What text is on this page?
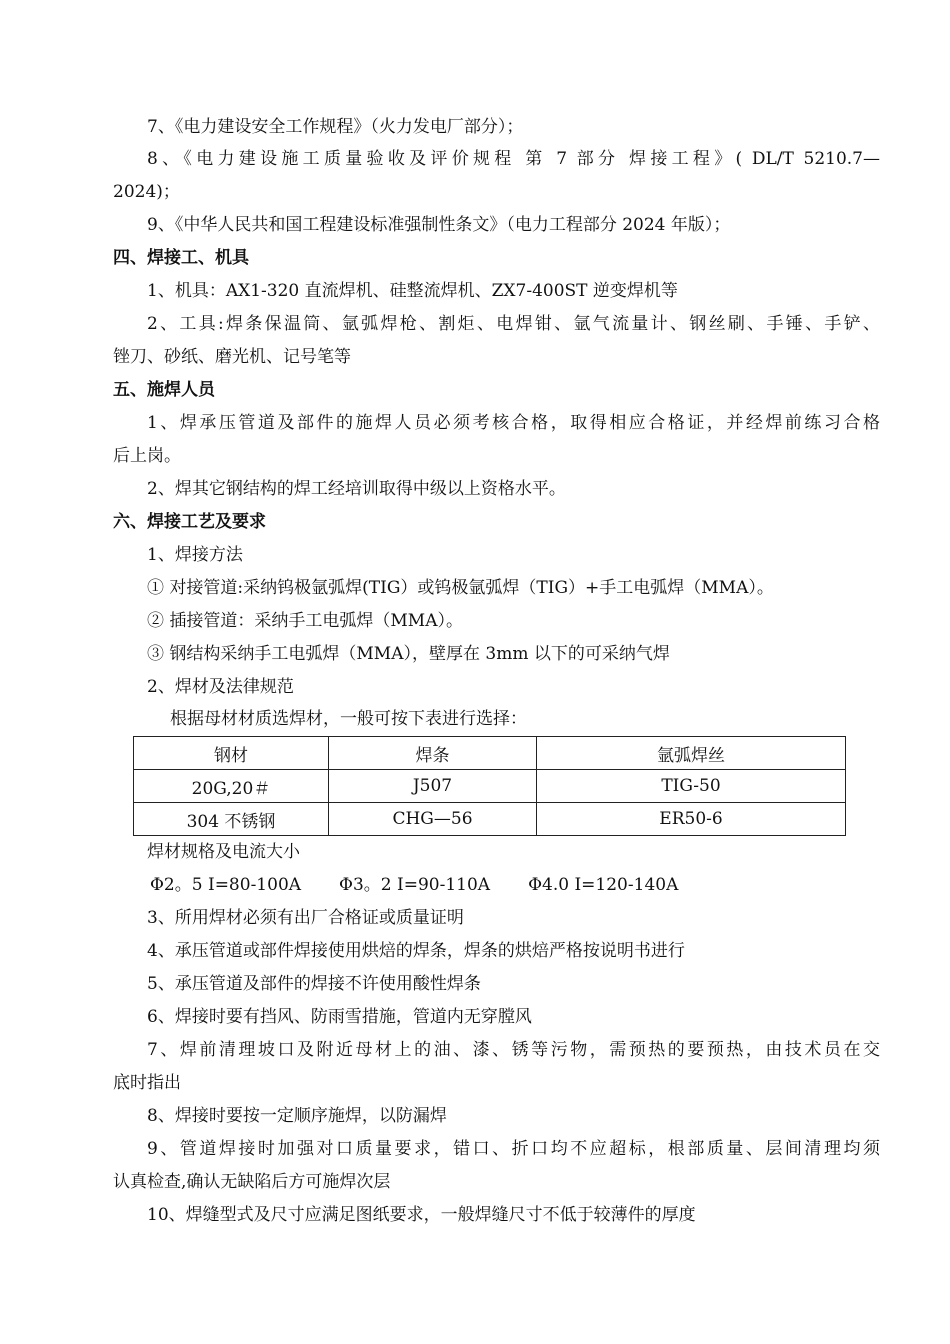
7、《电力建设安全工作规程》（火力发电厂部分）；
8、《电力建设施工质量验收及评价规程 第 7 部分 焊接工程》( DL/T 5210.7—
2024)；
9、《中华人民共和国工程建设标准强制性条文》（电力工程部分 2024 年版）；
四、焊接工、机具
1、机具：AX1-320 直流焊机、硅整流焊机、ZX7-400ST 逆变焊机等
2、工具:焊条保温筒、氩弧焊枪、割炬、电焊钳、氩气流量计、钢丝刷、手锤、手铲、
锉刀、砂纸、磨光机、记号笔等
五、施焊人员
1、焊承压管道及部件的施焊人员必须考核合格，取得相应合格证，并经焊前练习合格
后上岗。
2、焊其它钢结构的焊工经培训取得中级以上资格水平。
六、焊接工艺及要求
1、焊接方法
① 对接管道:采纳钨极氩弧焊(TIG）或钨极氩弧焊（TIG）+手工电弧焊（MMA）。
② 插接管道：采纳手工电弧焊（MMA）。
③ 钢结构采纳手工电弧焊（MMA），壁厚在 3mm 以下的可采纳气焊
2、焊材及法律规范
根据母材材质选焊材，一般可按下表进行选择：
钢材	焊条	氩弧焊丝
20G,20＃	J507	TIG-50
304 不锈钢	CHG—56	ER50-6
焊材规格及电流大小
Φ2。5 I=80-100A Φ3。2 I=90-110A Φ4.0 I=120-140A
3、所用焊材必须有出厂合格证或质量证明
4、承压管道或部件焊接使用烘焙的焊条，焊条的烘焙严格按说明书进行
5、承压管道及部件的焊接不许使用酸性焊条
6、焊接时要有挡风、防雨雪措施，管道内无穿膛风
7、焊前清理坡口及附近母材上的油、漆、锈等污物，需预热的要预热，由技术员在交
底时指出
8、焊接时要按一定顺序施焊，以防漏焊
9、管道焊接时加强对口质量要求，错口、折口均不应超标，根部质量、层间清理均须
认真检查,确认无缺陷后方可施焊次层
10、焊缝型式及尺寸应满足图纸要求，一般焊缝尺寸不低于较薄件的厚度
